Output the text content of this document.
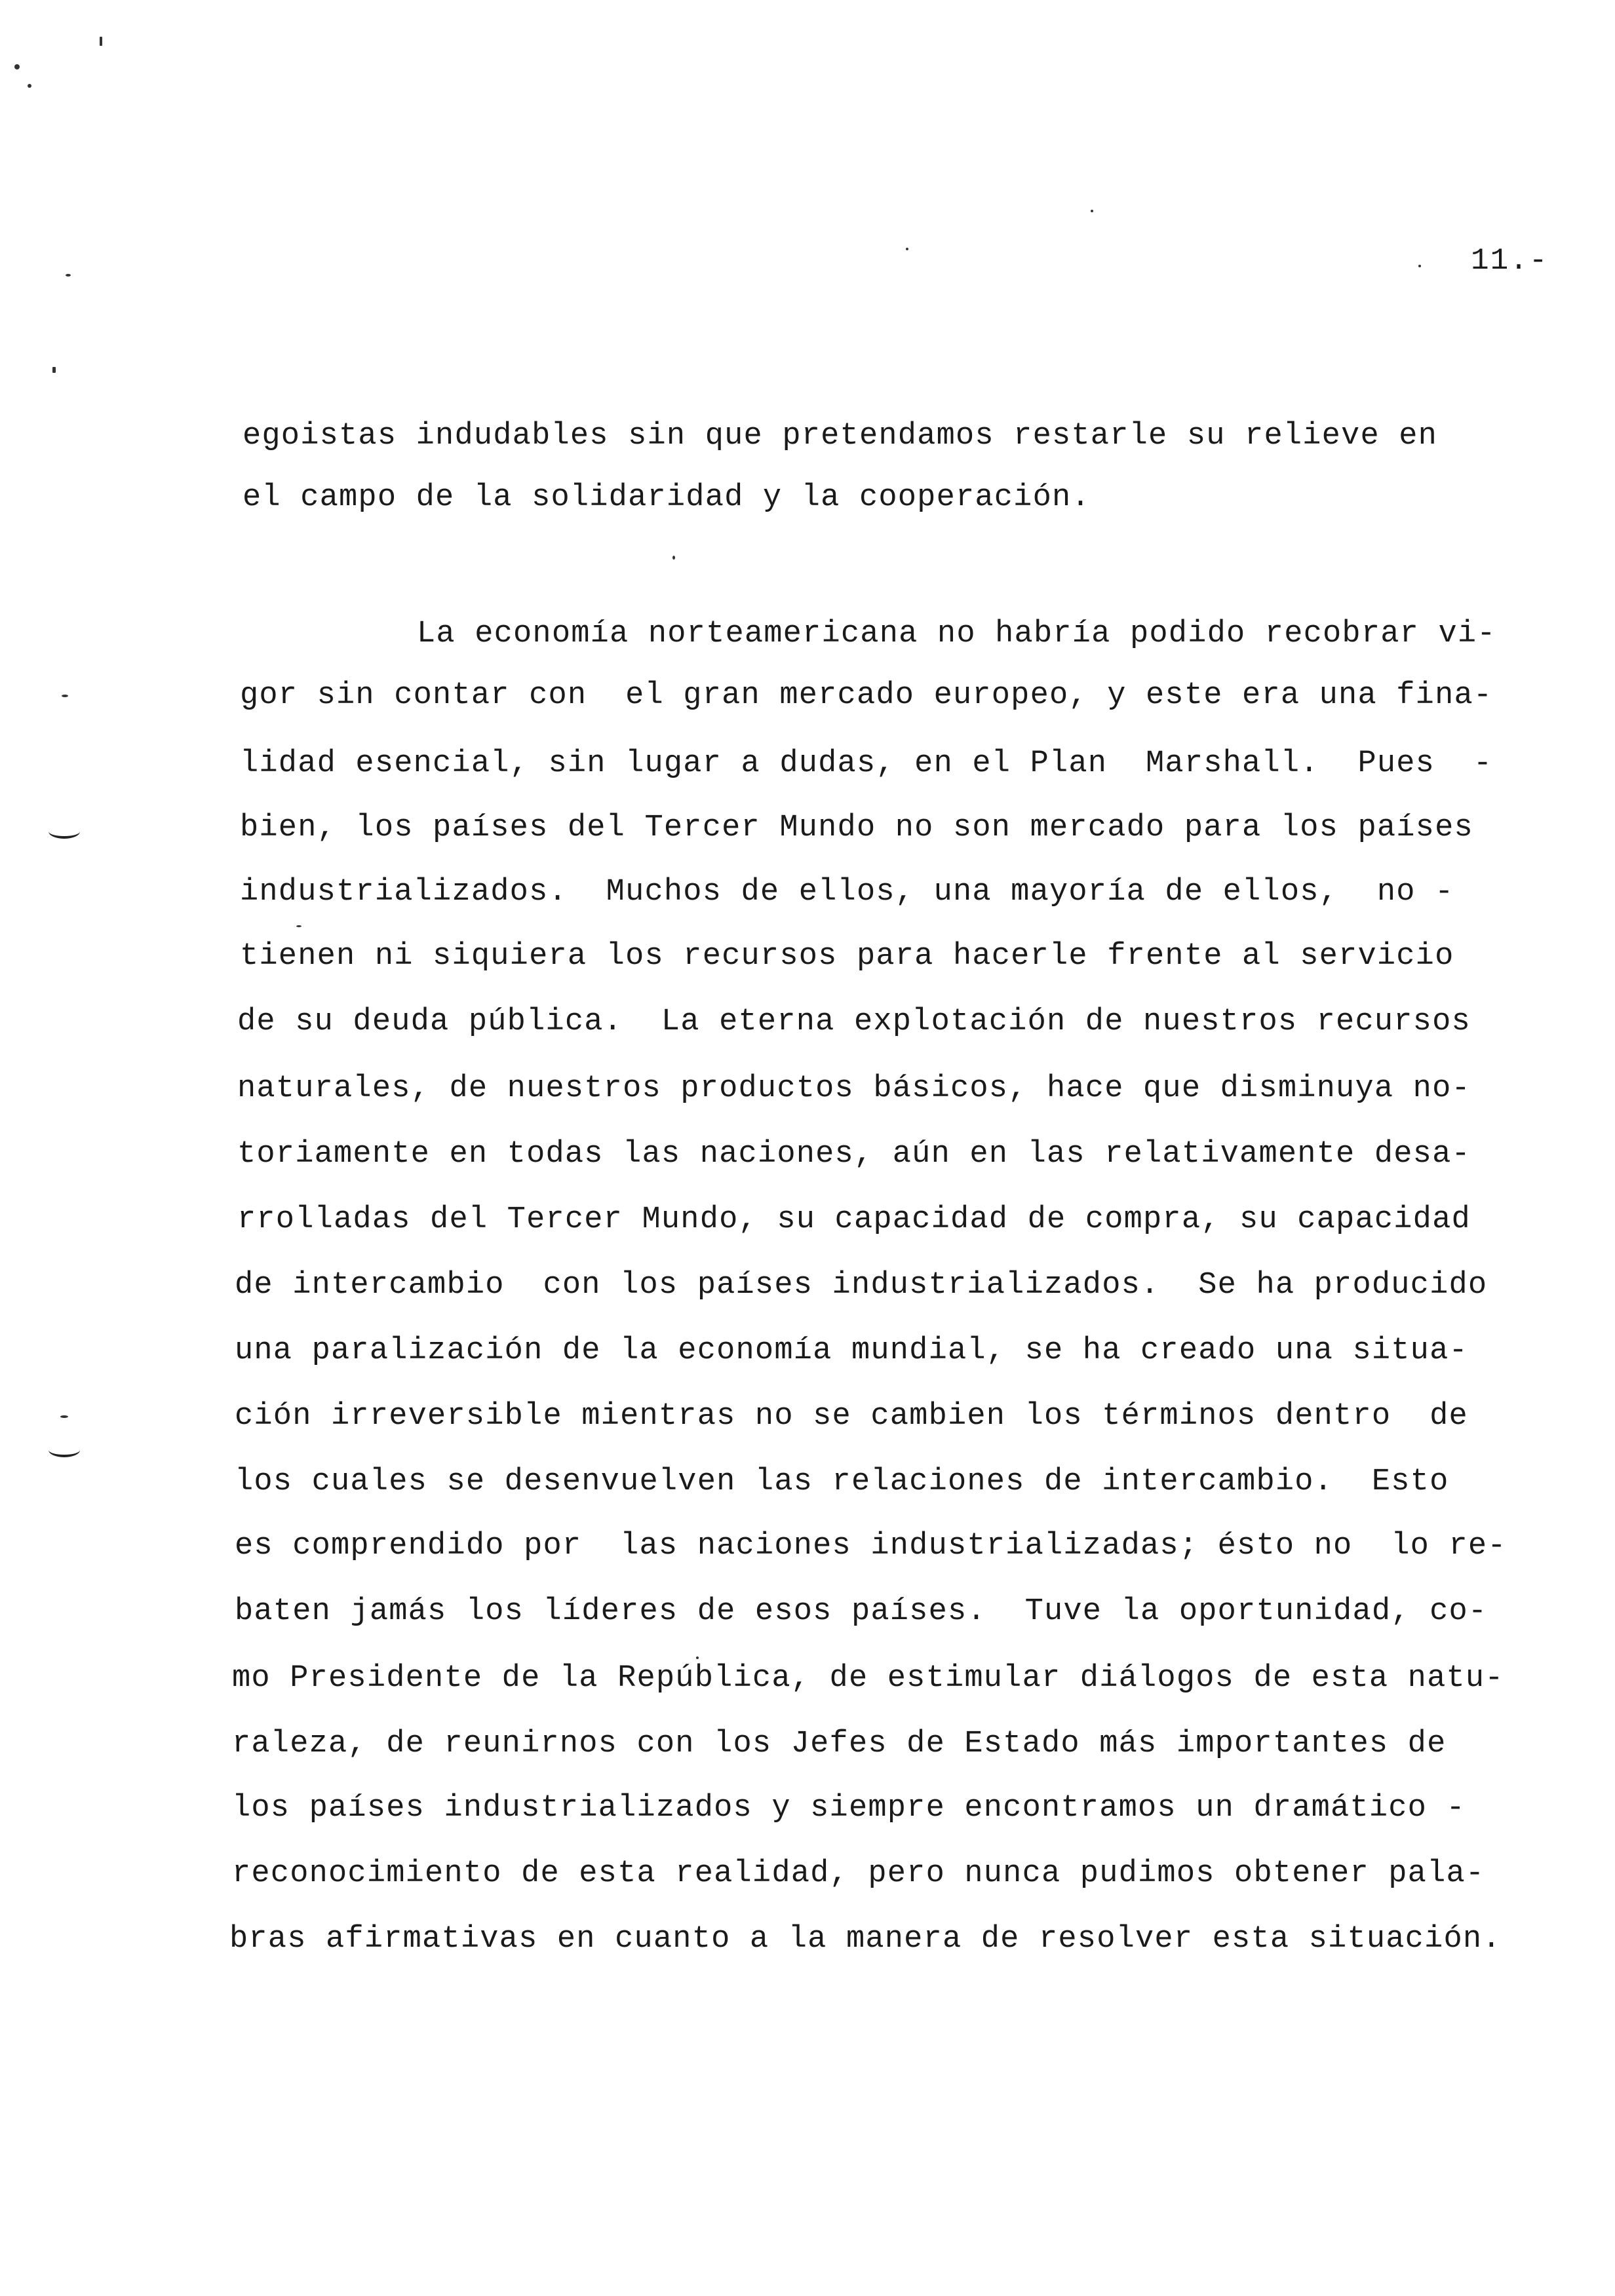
11.-
egoistas indudables sin que pretendamos restarle su relieve en
el campo de la solidaridad y la cooperación.
La economía norteamericana no habría podido recobrar vi-
gor sin contar con  el gran mercado europeo, y este era una fina-
lidad esencial, sin lugar a dudas, en el Plan  Marshall.  Pues  -
bien, los países del Tercer Mundo no son mercado para los países
industrializados.  Muchos de ellos, una mayoría de ellos,  no -
tienen ni siquiera los recursos para hacerle frente al servicio
de su deuda pública.  La eterna explotación de nuestros recursos
naturales, de nuestros productos básicos, hace que disminuya no-
toriamente en todas las naciones, aún en las relativamente desa-
rrolladas del Tercer Mundo, su capacidad de compra, su capacidad
de intercambio  con los países industrializados.  Se ha producido
una paralización de la economía mundial, se ha creado una situa-
ción irreversible mientras no se cambien los términos dentro  de
los cuales se desenvuelven las relaciones de intercambio.  Esto
es comprendido por  las naciones industrializadas; ésto no  lo re-
baten jamás los líderes de esos países.  Tuve la oportunidad, co-
mo Presidente de la República, de estimular diálogos de esta natu-
raleza, de reunirnos con los Jefes de Estado más importantes de
los países industrializados y siempre encontramos un dramático -
reconocimiento de esta realidad, pero nunca pudimos obtener pala-
bras afirmativas en cuanto a la manera de resolver esta situación.
